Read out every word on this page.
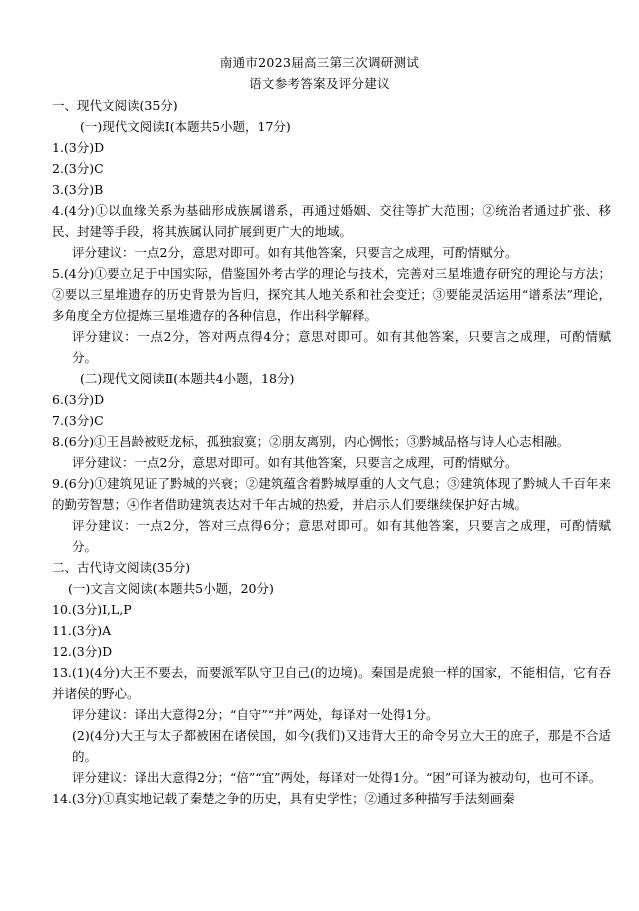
南通市2023届高三第三次调研测试
语文参考答案及评分建议
一、现代文阅读(35分)
(一)现代文阅读Ⅰ(本题共5小题，17分)
1.(3分)D
2.(3分)C
3.(3分)B
4.(4分)①以血缘关系为基础形成族属谱系，再通过婚姻、交往等扩大范围；②统治者通过扩张、移民、封建等手段，将其族属认同扩展到更广大的地域。
评分建议：一点2分，意思对即可。如有其他答案，只要言之成理，可酌情赋分。
5.(4分)①要立足于中国实际，借鉴国外考古学的理论与技术，完善对三星堆遗存研究的理论与方法；②要以三星堆遗存的历史背景为旨归，探究其人地关系和社会变迁；③要能灵活运用“谱系法”理论，多角度全方位提炼三星堆遗存的各种信息，作出科学解释。
评分建议：一点2分，答对两点得4分；意思对即可。如有其他答案，只要言之成理，可酌情赋分。
(二)现代文阅读Ⅱ(本题共4小题，18分)
6.(3分)D
7.(3分)C
8.(6分)①王昌龄被贬龙标，孤独寂寞；②朋友离别，内心惆怅；③黔城品格与诗人心志相融。
评分建议：一点2分，意思对即可。如有其他答案，只要言之成理，可酌情赋分。
9.(6分)①建筑见证了黔城的兴衰；②建筑蕴含着黔城厚重的人文气息；③建筑体现了黔城人千百年来的勤劳智慧；④作者借助建筑表达对千年古城的热爱，并启示人们要继续保护好古城。
评分建议：一点2分，答对三点得6分；意思对即可。如有其他答案，只要言之成理，可酌情赋分。
二、古代诗文阅读(35分)
(一)文言文阅读(本题共5小题，20分)
10.(3分)I,L,P
11.(3分)A
12.(3分)D
13.(1)(4分)大王不要去，而要派军队守卫自己(的边境)。秦国是虎狼一样的国家，不能相信，它有吞并诸侯的野心。
评分建议：译出大意得2分；“自守”“并”两处，每译对一处得1分。
(2)(4分)大王与太子都被困在诸侯国，如今(我们)又违背大王的命令另立大王的庶子，那是不合适的。
评分建议：译出大意得2分；“倍”“宜”两处，每译对一处得1分。“困”可译为被动句，也可不译。
14.(3分)①真实地记载了秦楚之争的历史，具有史学性；②通过多种描写手法刻画秦
